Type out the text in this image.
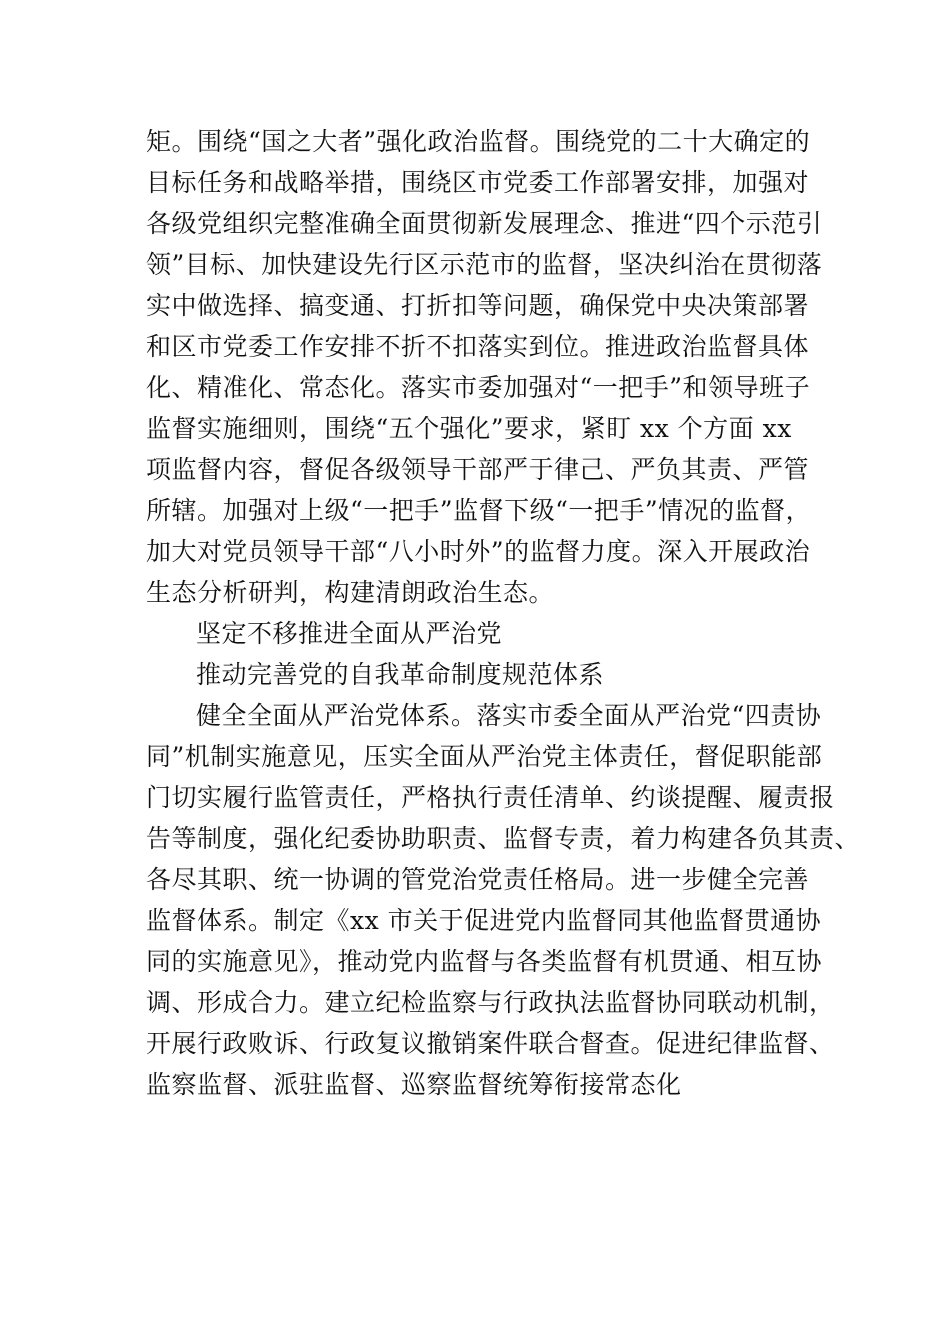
矩。围绕“国之大者”强化政治监督。围绕党的二十大确定的
目标任务和战略举措，围绕区市党委工作部署安排，加强对
各级党组织完整准确全面贯彻新发展理念、推进“四个示范引
领”目标、加快建设先行区示范市的监督，坚决纠治在贯彻落
实中做选择、搞变通、打折扣等问题，确保党中央决策部署
和区市党委工作安排不折不扣落实到位。推进政治监督具体
化、精准化、常态化。落实市委加强对“一把手”和领导班子
监督实施细则，围绕“五个强化”要求，紧盯 xx 个方面 xx
项监督内容，督促各级领导干部严于律己、严负其责、严管
所辖。加强对上级“一把手”监督下级“一把手”情况的监督，
加大对党员领导干部“八小时外”的监督力度。深入开展政治
生态分析研判，构建清朗政治生态。
坚定不移推进全面从严治党
推动完善党的自我革命制度规范体系
健全全面从严治党体系。落实市委全面从严治党“四责协
同”机制实施意见，压实全面从严治党主体责任，督促职能部
门切实履行监管责任，严格执行责任清单、约谈提醒、履责报
告等制度，强化纪委协助职责、监督专责，着力构建各负其责、
各尽其职、统一协调的管党治党责任格局。进一步健全完善
监督体系。制定《xx 市关于促进党内监督同其他监督贯通协
同的实施意见》，推动党内监督与各类监督有机贯通、相互协
调、形成合力。建立纪检监察与行政执法监督协同联动机制，
开展行政败诉、行政复议撤销案件联合督查。促进纪律监督、
监察监督、派驻监督、巡察监督统筹衔接常态化
